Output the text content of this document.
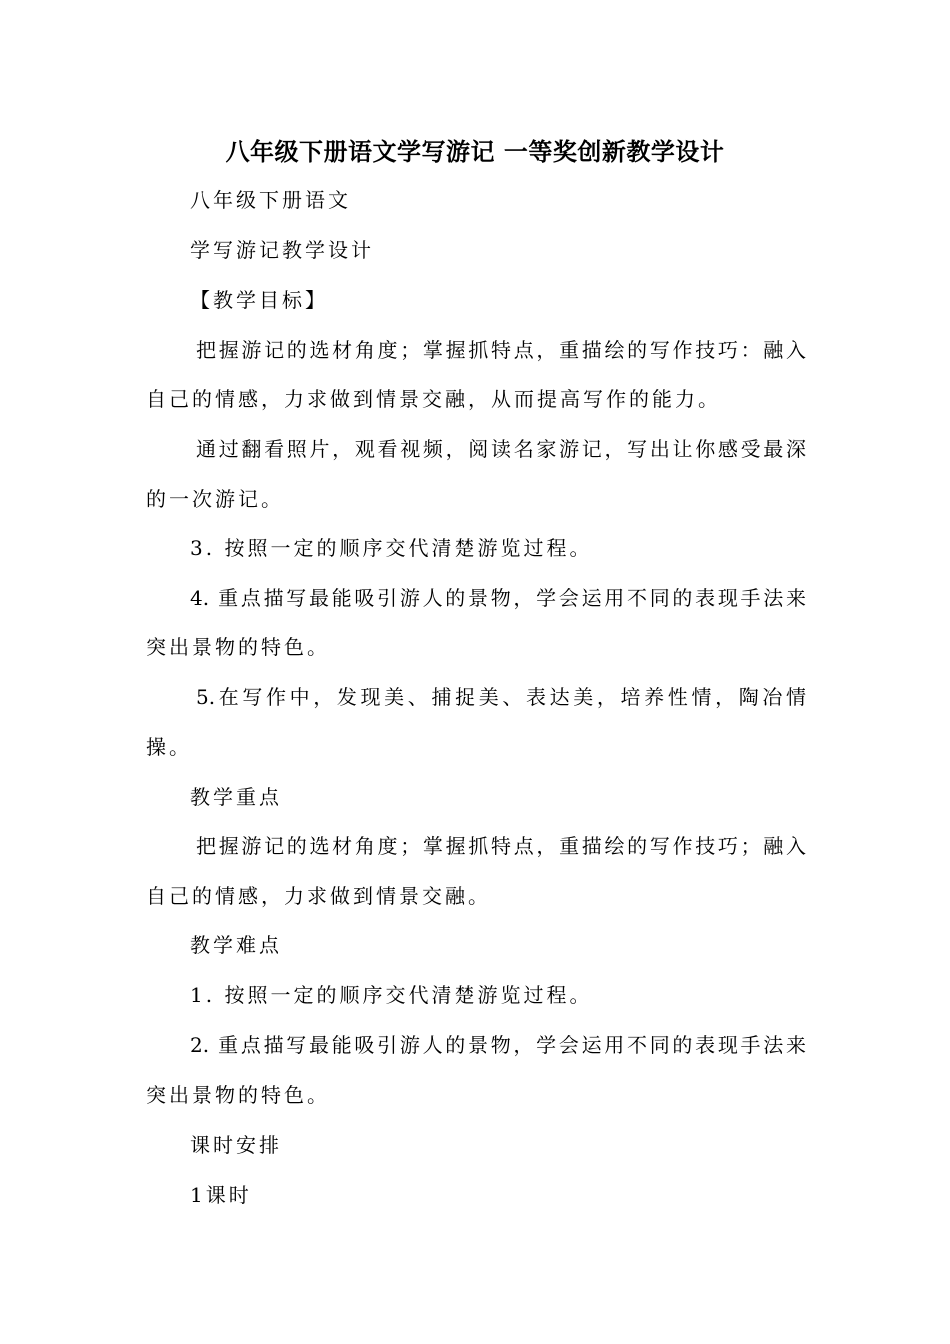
八年级下册语文学写游记 一等奖创新教学设计
八年级下册语文
学写游记教学设计
【教学目标】
把握游记的选材角度；掌握抓特点，重描绘的写作技巧：融入
自己的情感，力求做到情景交融，从而提高写作的能力。
通过翻看照片，观看视频，阅读名家游记，写出让你感受最深
的一次游记。
3. 按照一定的顺序交代清楚游览过程。
4. 重点描写最能吸引游人的景物，学会运用不同的表现手法来
突出景物的特色。
5.在写作中，发现美、捕捉美、表达美，培养性情，陶冶情
操。
教学重点
把握游记的选材角度；掌握抓特点，重描绘的写作技巧；融入
自己的情感，力求做到情景交融。
教学难点
1. 按照一定的顺序交代清楚游览过程。
2. 重点描写最能吸引游人的景物，学会运用不同的表现手法来
突出景物的特色。
课时安排
1课时
